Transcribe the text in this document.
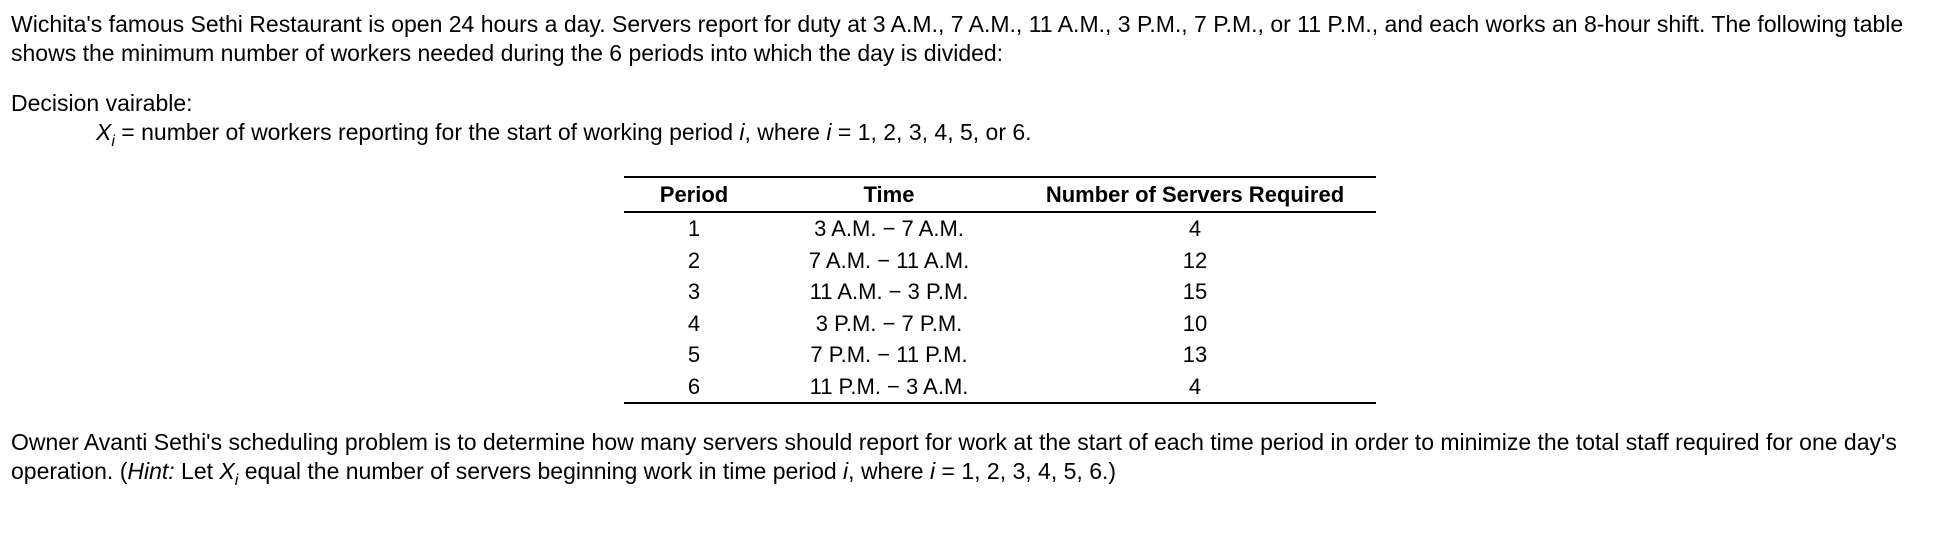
Wichita's famous Sethi Restaurant is open 24 hours a day. Servers report for duty at 3 A.M., 7 A.M., 11 A.M., 3 P.M., 7 P.M., or 11 P.M., and each works an 8-hour shift. The following table
shows the minimum number of workers needed during the 6 periods into which the day is divided:
Decision vairable:
$X_i$ = number of workers reporting for the start of working period i, where i = 1, 2, 3, 4, 5, or 6.
Period	Time	Number of Servers Required
1	3 A.M. − 7 A.M.	4
2	7 A.M. − 11 A.M.	12
3	11 A.M. − 3 P.M.	15
4	3 P.M. − 7 P.M.	10
5	7 P.M. − 11 P.M.	13
6	11 P.M. − 3 A.M.	4
Owner Avanti Sethi's scheduling problem is to determine how many servers should report for work at the start of each time period in order to minimize the total staff required for one day's
operation. (Hint: Let $X_i$ equal the number of servers beginning work in time period i, where i = 1, 2, 3, 4, 5, 6.)
